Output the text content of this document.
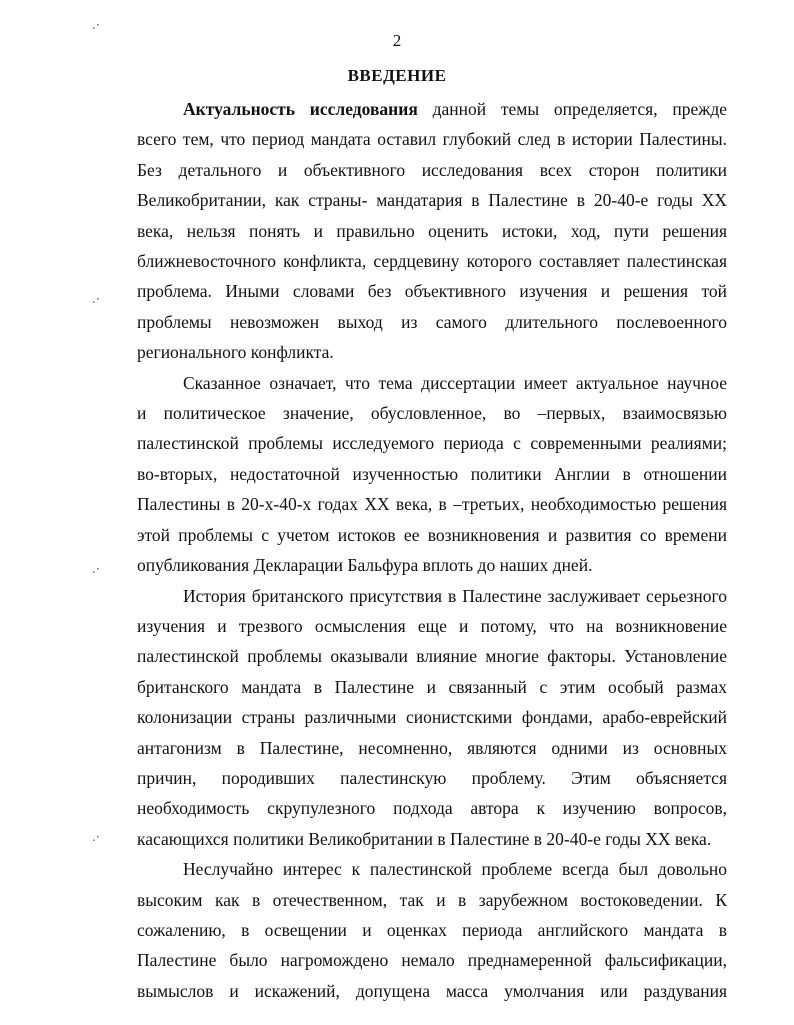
2
ВВЕДЕНИЕ
.·
.·
.·
.·
Актуальность исследования данной темы определяется, прежде
всего тем, что период мандата оставил глубокий след в истории Палестины.
Без детального и объективного исследования всех сторон политики
Великобритании, как страны- мандатария в Палестине в 20-40-е годы XX
века, нельзя понять и правильно оценить истоки, ход, пути решения
ближневосточного конфликта, сердцевину которого составляет палестинская
проблема. Иными словами без объективного изучения и решения той
проблемы невозможен выход из самого длительного послевоенного
регионального конфликта.
Сказанное означает, что тема диссертации имеет актуальное научное
и политическое значение, обусловленное, во –первых, взаимосвязью
палестинской проблемы исследуемого периода с современными реалиями;
во-вторых, недостаточной изученностью политики Англии в отношении
Палестины в 20-х-40-х годах XX века, в –третьих, необходимостью решения
этой проблемы с учетом истоков ее возникновения и развития со времени
опубликования Декларации Бальфура вплоть до наших дней.
История британского присутствия в Палестине заслуживает серьезного
изучения и трезвого осмысления еще и потому, что на возникновение
палестинской проблемы оказывали влияние многие факторы. Установление
британского мандата в Палестине и связанный с этим особый размах
колонизации страны различными сионистскими фондами, арабо-еврейский
антагонизм в Палестине, несомненно, являются одними из основных
причин, породивших палестинскую проблему. Этим объясняется
необходимость скрупулезного подхода автора к изучению вопросов,
касающихся политики Великобритании в Палестине в 20-40-е годы XX века.
Неслучайно интерес к палестинской проблеме всегда был довольно
высоким как в отечественном, так и в зарубежном востоковедении. К
сожалению, в освещении и оценках периода английского мандата в
Палестине было нагромождено немало преднамеренной фальсификации,
вымыслов и искажений, допущена масса умолчания или раздувания
